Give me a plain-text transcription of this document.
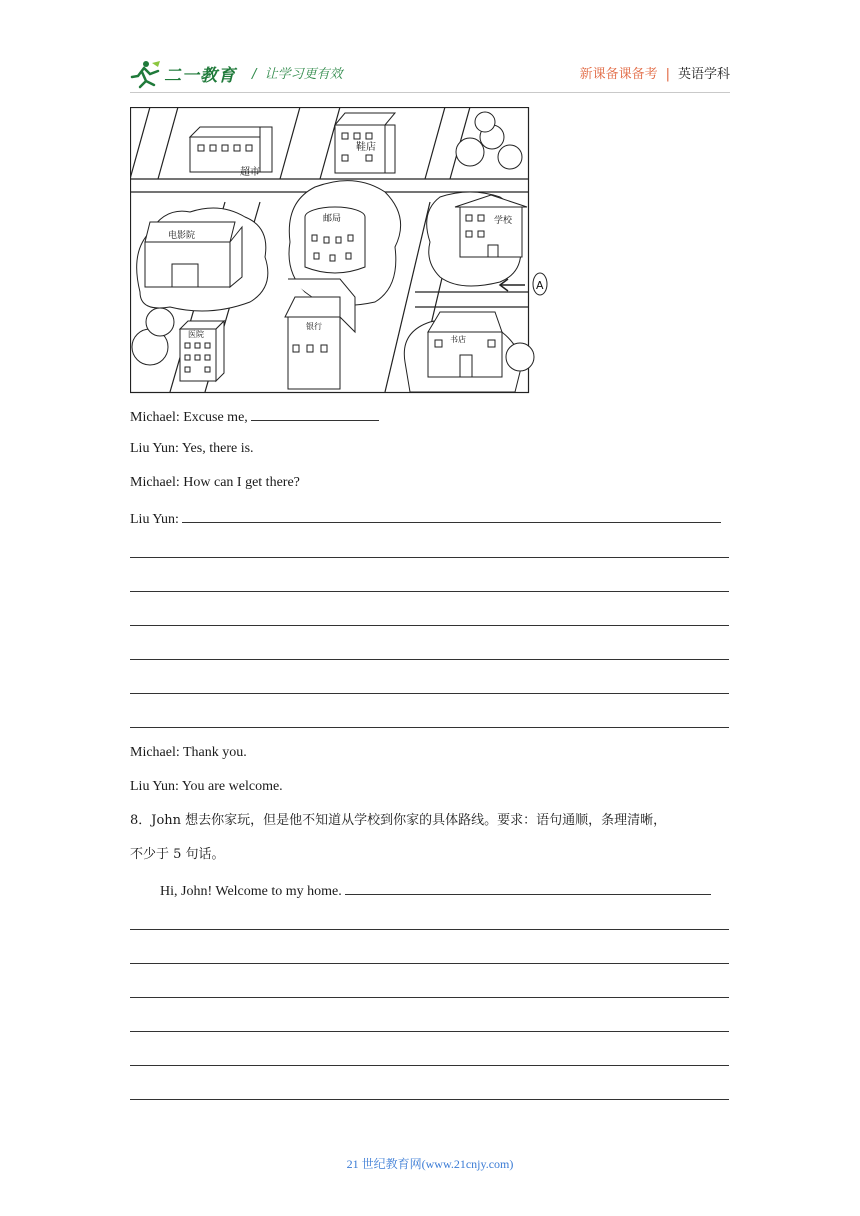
二一教育 /  让学习更有效	新课备课备考 | 英语学科
超市
鞋店
电影院
邮局	学校
A
医院
银行
书店
Michael: Excuse me,
Liu Yun: Yes, there is.
Michael: How can I get there?
Liu Yun:
Michael: Thank you.
Liu Yun: You are welcome.
8．John 想去你家玩，但是他不知道从学校到你家的具体路线。要求：语句通顺，条理清晰，
不少于 5 句话。
Hi, John! Welcome to my home.
21 世纪教育网(www.21cnjy.com)
